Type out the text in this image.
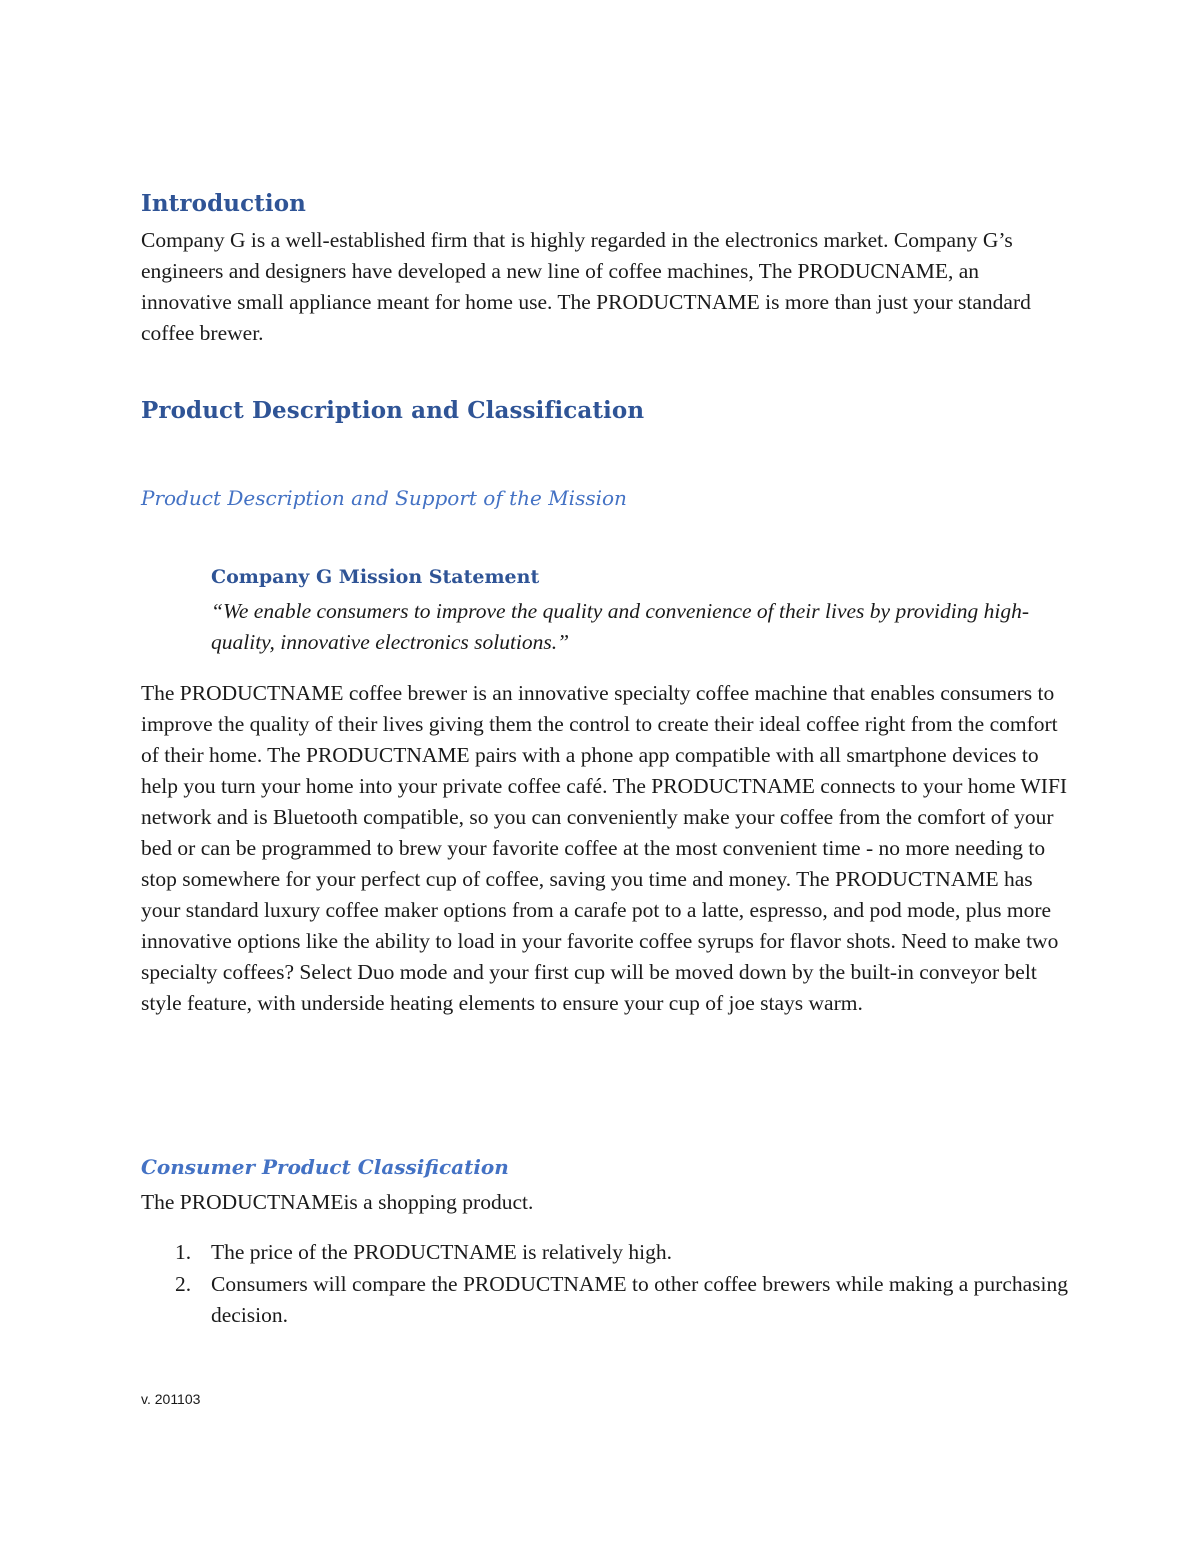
Introduction

Company G is a well-established firm that is highly regarded in the electronics market. Company G’s engineers and designers have developed a new line of coffee machines, The PRODUCNAME, an innovative small appliance meant for home use. The PRODUCTNAME is more than just your standard coffee brewer.

Product Description and Classification
Product Description and Support of the Mission
Company G Mission Statement

“We enable consumers to improve the quality and convenience of their lives by providing high-quality, innovative electronics solutions.”

The PRODUCTNAME coffee brewer is an innovative specialty coffee machine that enables consumers to improve the quality of their lives giving them the control to create their ideal coffee right from the comfort of their home. The PRODUCTNAME pairs with a phone app compatible with all smartphone devices to help you turn your home into your private coffee café. The PRODUCTNAME connects to your home WIFI network and is Bluetooth compatible, so you can conveniently make your coffee from the comfort of your bed or can be programmed to brew your favorite coffee at the most convenient time - no more needing to stop somewhere for your perfect cup of coffee, saving you time and money. The PRODUCTNAME has your standard luxury coffee maker options from a carafe pot to a latte, espresso, and pod mode, plus more innovative options like the ability to load in your favorite coffee syrups for flavor shots. Need to make two specialty coffees? Select Duo mode and your first cup will be moved down by the built-in conveyor belt style feature, with underside heating elements to ensure your cup of joe stays warm.

Consumer Product Classification

The PRODUCTNAMEis a shopping product.

1. The price of the PRODUCTNAME is relatively high.
2. Consumers will compare the PRODUCTNAME to other coffee brewers while making a purchasing decision.

v. 201103
